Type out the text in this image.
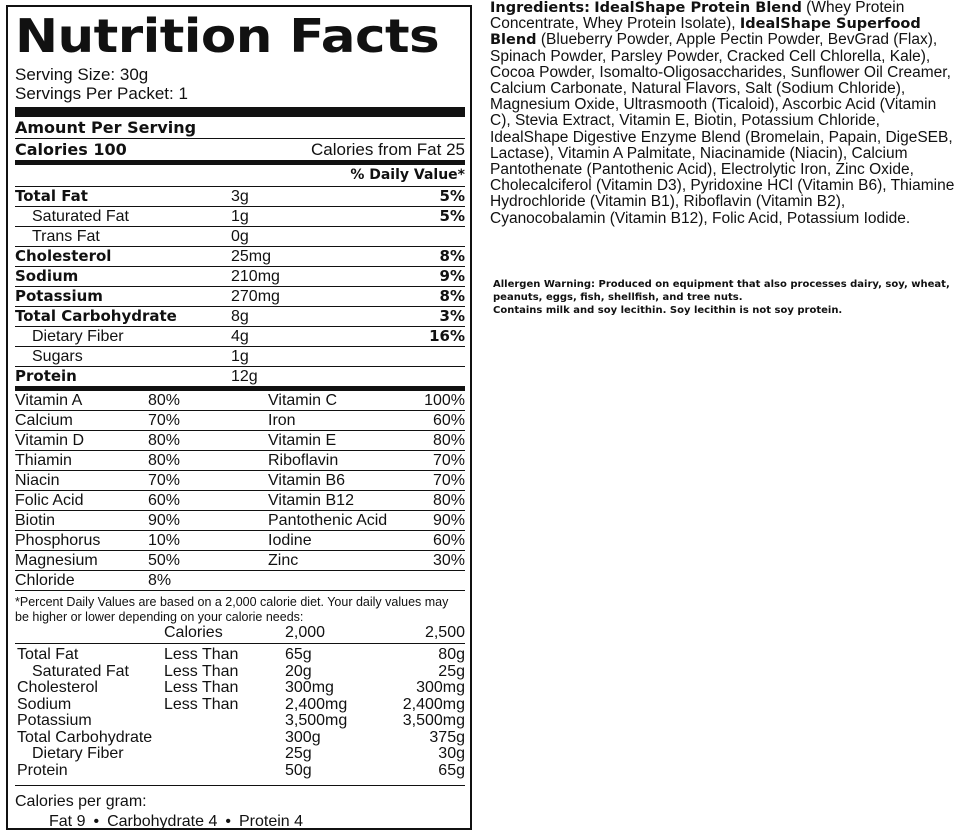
Nutrition Facts
Serving Size: 30g
Servings Per Packet: 1
Amount Per Serving
Calories 100	Calories from Fat 25
% Daily Value*
Total Fat	3g	5%
Saturated Fat	1g	5%
Trans Fat	0g
Cholesterol	25mg	8%
Sodium	210mg	9%
Potassium	270mg	8%
Total Carbohydrate	8g	3%
Dietary Fiber	4g	16%
Sugars	1g
Protein	12g
Vitamin A	80%	Vitamin C	100%
Calcium	70%	Iron	60%
Vitamin D	80%	Vitamin E	80%
Thiamin	80%	Riboflavin	70%
Niacin	70%	Vitamin B6	70%
Folic Acid	60%	Vitamin B12	80%
Biotin	90%	Pantothenic Acid	90%
Phosphorus	10%	Iodine	60%
Magnesium	50%	Zinc	30%
Chloride	8%
*Percent Daily Values are based on a 2,000 calorie diet. Your daily values may be higher or lower depending on your calorie needs:
Calories	2,000	2,500
Total Fat	Less Than	65g	80g
Saturated Fat Less Than	20g	25g
Cholesterol	Less Than	300mg	300mg
Sodium	Less Than	2,400mg	2,400mg
Potassium	3,500mg	3,500mg
Total Carbohydrate	300g	375g
Dietary Fiber	25g	30g
Protein	50g	65g
Calories per gram:
Fat 9 • Carbohydrate 4 • Protein 4
Ingredients: IdealShape Protein Blend (Whey Protein Concentrate, Whey Protein Isolate), IdealShape Superfood Blend (Blueberry Powder, Apple Pectin Powder, BevGrad (Flax), Spinach Powder, Parsley Powder, Cracked Cell Chlorella, Kale), Cocoa Powder, Isomalto-Oligosaccharides, Sunflower Oil Creamer, Calcium Carbonate, Natural Flavors, Salt (Sodium Chloride), Magnesium Oxide, Ultrasmooth (Ticaloid), Ascorbic Acid (Vitamin C), Stevia Extract, Vitamin E, Biotin, Potassium Chloride, IdealShape Digestive Enzyme Blend (Bromelain, Papain, DigeSEB, Lactase), Vitamin A Palmitate, Niacinamide (Niacin), Calcium Pantothenate (Pantothenic Acid), Electrolytic Iron, Zinc Oxide, Cholecalciferol (Vitamin D3), Pyridoxine HCl (Vitamin B6), Thiamine Hydrochloride (Vitamin B1), Riboflavin (Vitamin B2), Cyanocobalamin (Vitamin B12), Folic Acid, Potassium Iodide.
Allergen Warning: Produced on equipment that also processes dairy, soy, wheat, peanuts, eggs, fish, shellfish, and tree nuts.
Contains milk and soy lecithin. Soy lecithin is not soy protein.
